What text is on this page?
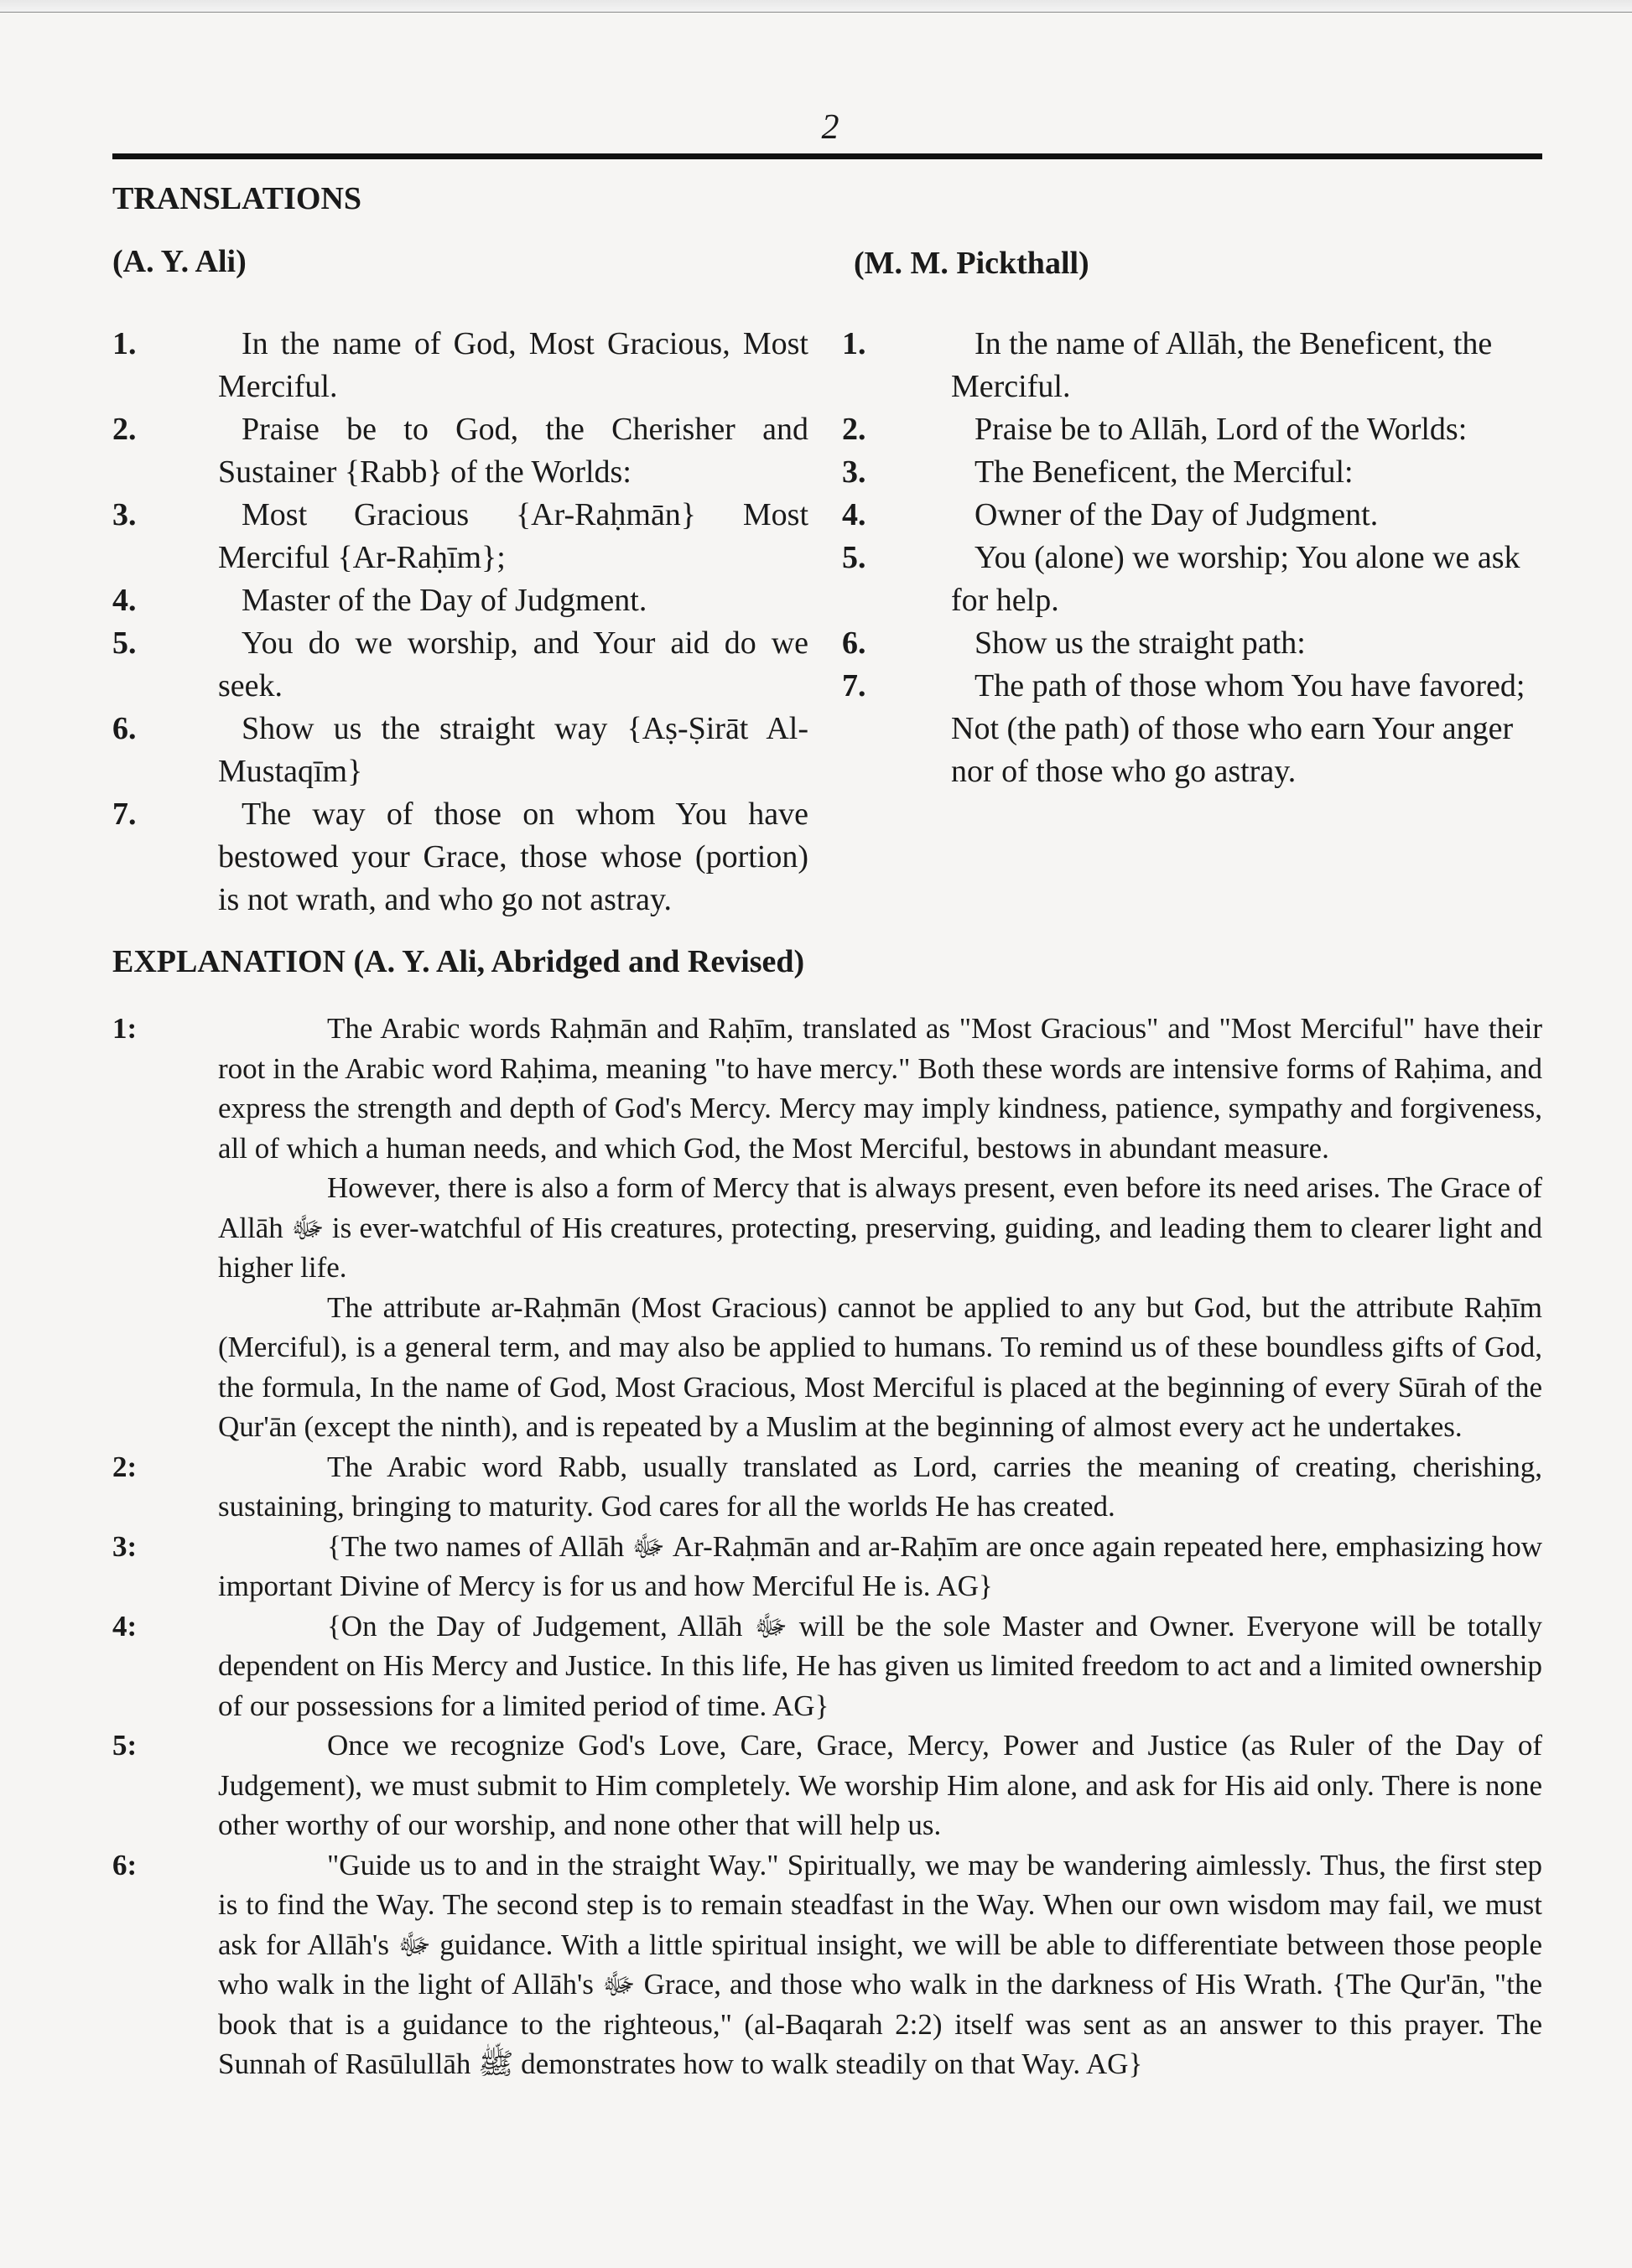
2
TRANSLATIONS
(A. Y. Ali)	(M. M. Pickthall)
1.	In the name of God, Most Gracious, Most Merciful.
2.	Praise be to God, the Cherisher and Sustainer {Rabb} of the Worlds:
3.	Most Gracious {Ar-Raḥmān} Most Merciful {Ar-Raḥīm};
4.	Master of the Day of Judgment.
5.	You do we worship, and Your aid do we seek.
6.	Show us the straight way {Aṣ-Ṣirāt Al-Mustaqīm}
7.	The way of those on whom You have bestowed your Grace, those whose (portion) is not wrath, and who go not astray.
1.	In the name of Allāh, the Beneficent, the Merciful.
2.	Praise be to Allāh, Lord of the Worlds:
3.	The Beneficent, the Merciful:
4.	Owner of the Day of Judgment.
5.	You (alone) we worship; You alone we ask for help.
6.	Show us the straight path:
7.	The path of those whom You have favored; Not (the path) of those who earn Your anger nor of those who go astray.
EXPLANATION (A. Y. Ali, Abridged and Revised)
1:	The Arabic words Raḥmān and Raḥīm, translated as "Most Gracious" and "Most Merciful" have their root in the Arabic word Raḥima, meaning "to have mercy." Both these words are intensive forms of Raḥima, and express the strength and depth of God's Mercy. Mercy may imply kindness, patience, sympathy and forgiveness, all of which a human needs, and which God, the Most Merciful, bestows in abundant measure.

However, there is also a form of Mercy that is always present, even before its need arises. The Grace of Allāh ﷻ is ever-watchful of His creatures, protecting, preserving, guiding, and leading them to clearer light and higher life.

The attribute ar-Raḥmān (Most Gracious) cannot be applied to any but God, but the attribute Raḥīm (Merciful), is a general term, and may also be applied to humans. To remind us of these boundless gifts of God, the formula, In the name of God, Most Gracious, Most Merciful is placed at the beginning of every Sūrah of the Qur'ān (except the ninth), and is repeated by a Muslim at the beginning of almost every act he undertakes.

2:	The Arabic word Rabb, usually translated as Lord, carries the meaning of creating, cherishing, sustaining, bringing to maturity. God cares for all the worlds He has created.

3:	{The two names of Allāh ﷻ Ar-Raḥmān and ar-Raḥīm are once again repeated here, emphasizing how important Divine of Mercy is for us and how Merciful He is. AG}

4:	{On the Day of Judgement, Allāh ﷻ will be the sole Master and Owner. Everyone will be totally dependent on His Mercy and Justice. In this life, He has given us limited freedom to act and a limited ownership of our possessions for a limited period of time. AG}

5:	Once we recognize God's Love, Care, Grace, Mercy, Power and Justice (as Ruler of the Day of Judgement), we must submit to Him completely. We worship Him alone, and ask for His aid only. There is none other worthy of our worship, and none other that will help us.

6:	"Guide us to and in the straight Way." Spiritually, we may be wandering aimlessly. Thus, the first step is to find the Way. The second step is to remain steadfast in the Way. When our own wisdom may fail, we must ask for Allāh's ﷻ guidance. With a little spiritual insight, we will be able to differentiate between those people who walk in the light of Allāh's ﷻ Grace, and those who walk in the darkness of His Wrath. {The Qur'ān, "the book that is a guidance to the righteous," (al-Baqarah 2:2) itself was sent as an answer to this prayer. The Sunnah of Rasūlullāh ﷺ demonstrates how to walk steadily on that Way. AG}
